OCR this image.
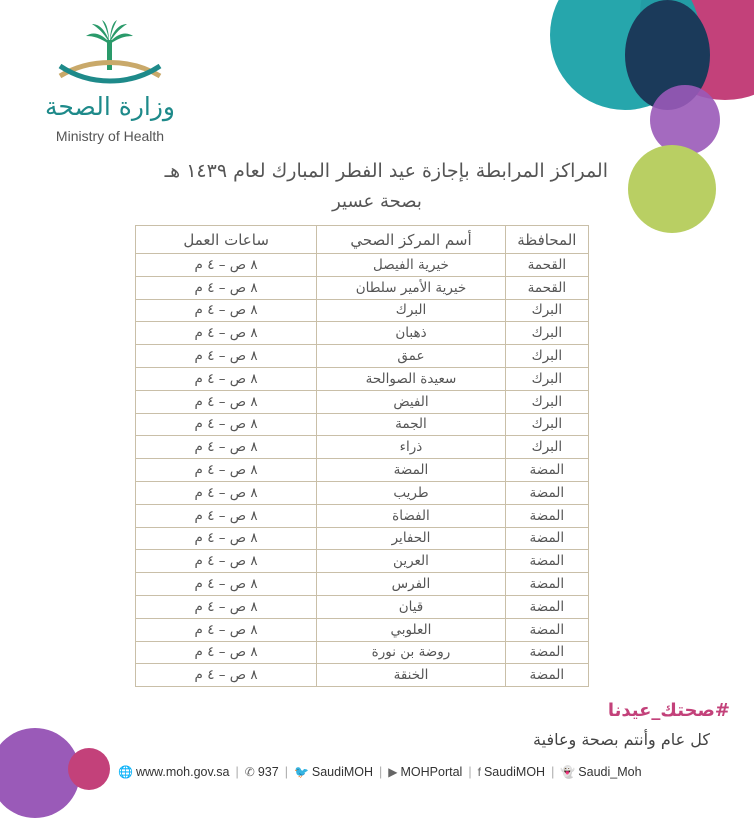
وزارة الصحة
Ministry of Health
المراكز المرابطة بإجازة عيد الفطر المبارك لعام ١٤٣٩ هـ
بصحة عسير
المحافظة	أسم المركز الصحي	ساعات العمل
القحمة	خيرية الفيصل	٨ ص – ٤ م
القحمة	خيرية الأمير سلطان	٨ ص – ٤ م
البرك	البرك	٨ ص – ٤ م
البرك	ذهبان	٨ ص – ٤ م
البرك	عمق	٨ ص – ٤ م
البرك	سعيدة الصوالحة	٨ ص – ٤ م
البرك	الفيض	٨ ص – ٤ م
البرك	الجمة	٨ ص – ٤ م
البرك	ذراء	٨ ص – ٤ م
المضة	المضة	٨ ص – ٤ م
المضة	طريب	٨ ص – ٤ م
المضة	الفضاة	٨ ص – ٤ م
المضة	الحفاير	٨ ص – ٤ م
المضة	العرين	٨ ص – ٤ م
المضة	الفرس	٨ ص – ٤ م
المضة	قيان	٨ ص – ٤ م
المضة	العلوبي	٨ ص – ٤ م
المضة	روضة بن نورة	٨ ص – ٤ م
المضة	الخنقة	٨ ص – ٤ م
#صحتك_عيدنا
كل عام وأنتم بصحة وعافية
🌐 www.moh.gov.sa | ✆ 937 | 🐦 SaudiMOH | ▶ MOHPortal | f SaudiMOH | 👻 Saudi_Moh
